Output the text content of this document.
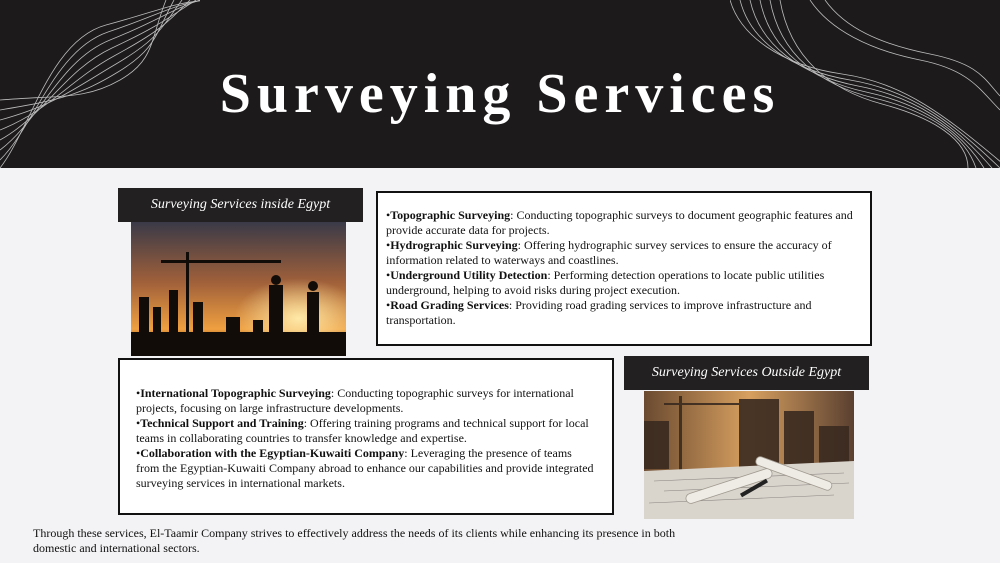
Surveying Services
Surveying Services inside Egypt

•Topographic Surveying: Conducting topographic surveys to document geographic features and provide accurate data for projects.

•Hydrographic Surveying: Offering hydrographic survey services to ensure the accuracy of information related to waterways and coastlines.

•Underground Utility Detection: Performing detection operations to locate public utilities underground, helping to avoid risks during project execution.

•Road Grading Services: Providing road grading services to improve infrastructure and transportation.

•International Topographic Surveying: Conducting topographic surveys for international projects, focusing on large infrastructure developments.

•Technical Support and Training: Offering training programs and technical support for local teams in collaborating countries to transfer knowledge and expertise.

•Collaboration with the Egyptian-Kuwaiti Company: Leveraging the presence of teams from the Egyptian-Kuwaiti Company abroad to enhance our capabilities and provide integrated surveying services in international markets.

Surveying Services Outside Egypt
Through these services, El-Taamir Company strives to effectively address the needs of its clients while enhancing its presence in both domestic and international sectors.
